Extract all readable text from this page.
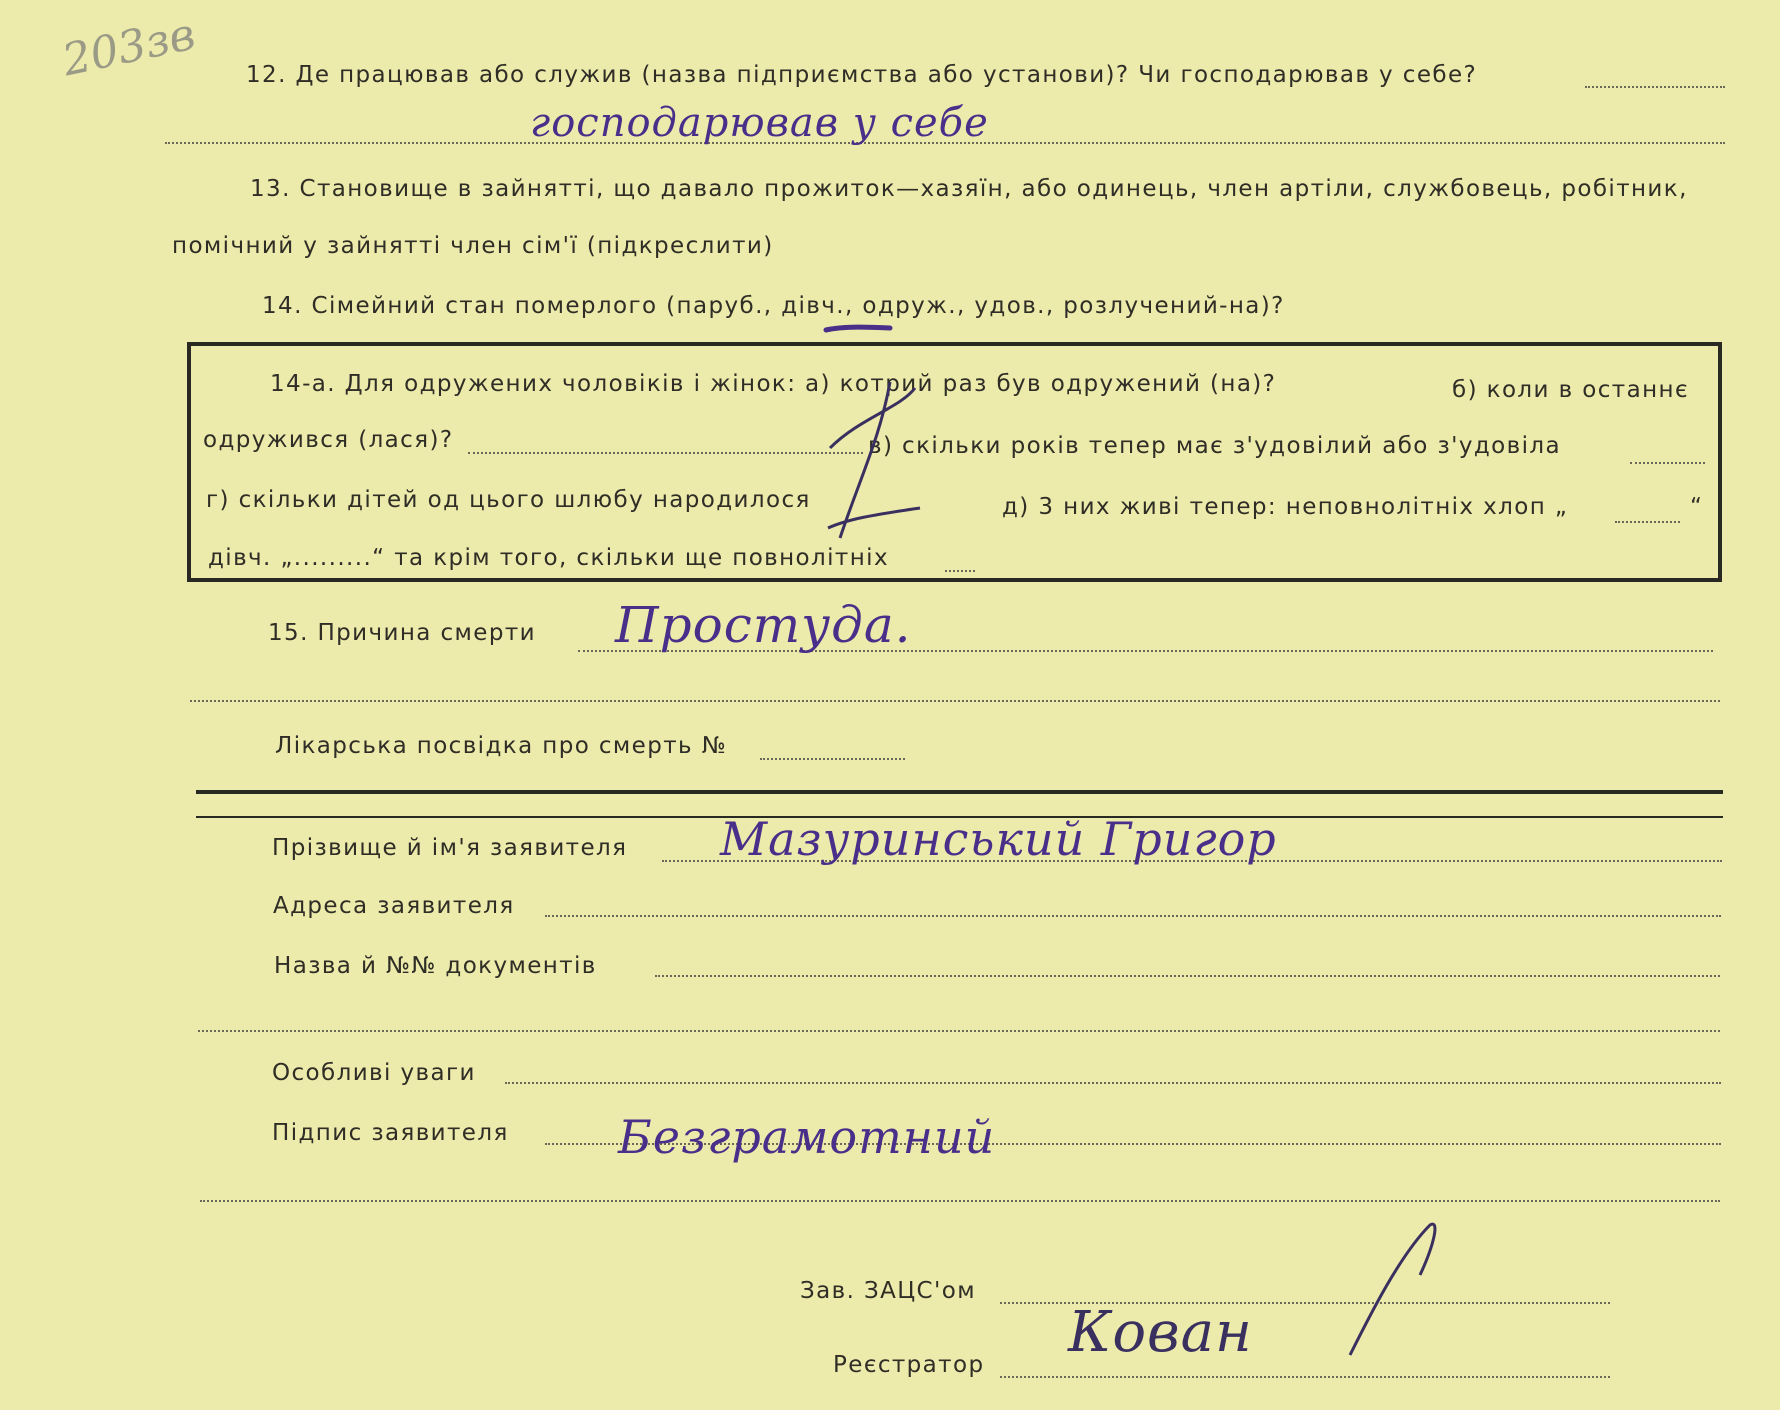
203зв 12. Де працював або служив (назва підприємства або установи)? Чи господарював у себе?
господарював у себе
13. Становище в зайнятті, що давало прожиток—хазяїн, або одинець, член артіли, службовець, робітник,
помічний у зайнятті член сім'ї (підкреслити)
14. Сімейний стан померлого (паруб., дівч., одруж., удов., розлучений-на)?
14-а. Для одружених чоловіків і жінок: а) котрий раз був одружений (на)?	б) коли в останнє
одружився (лася)?	в) скільки років тепер має з'удовілий або з'удовіла
г) скільки дітей од цього шлюбу народилося	д) 3 них живі тепер: неповнолітніх хлоп „	“
дівч. „.........“ та крім того, скільки ще повнолітніх
15. Причина смерти Простуда.
Лікарська посвідка про смерть №
Прізвище й ім'я заявителя Мазуринський Григор
Адреса заявителя
Назва й №№ документів
Особливі уваги
Підпис заявителя Безграмотний
Зав. ЗАЦС'ом
Реєстратор Кован
